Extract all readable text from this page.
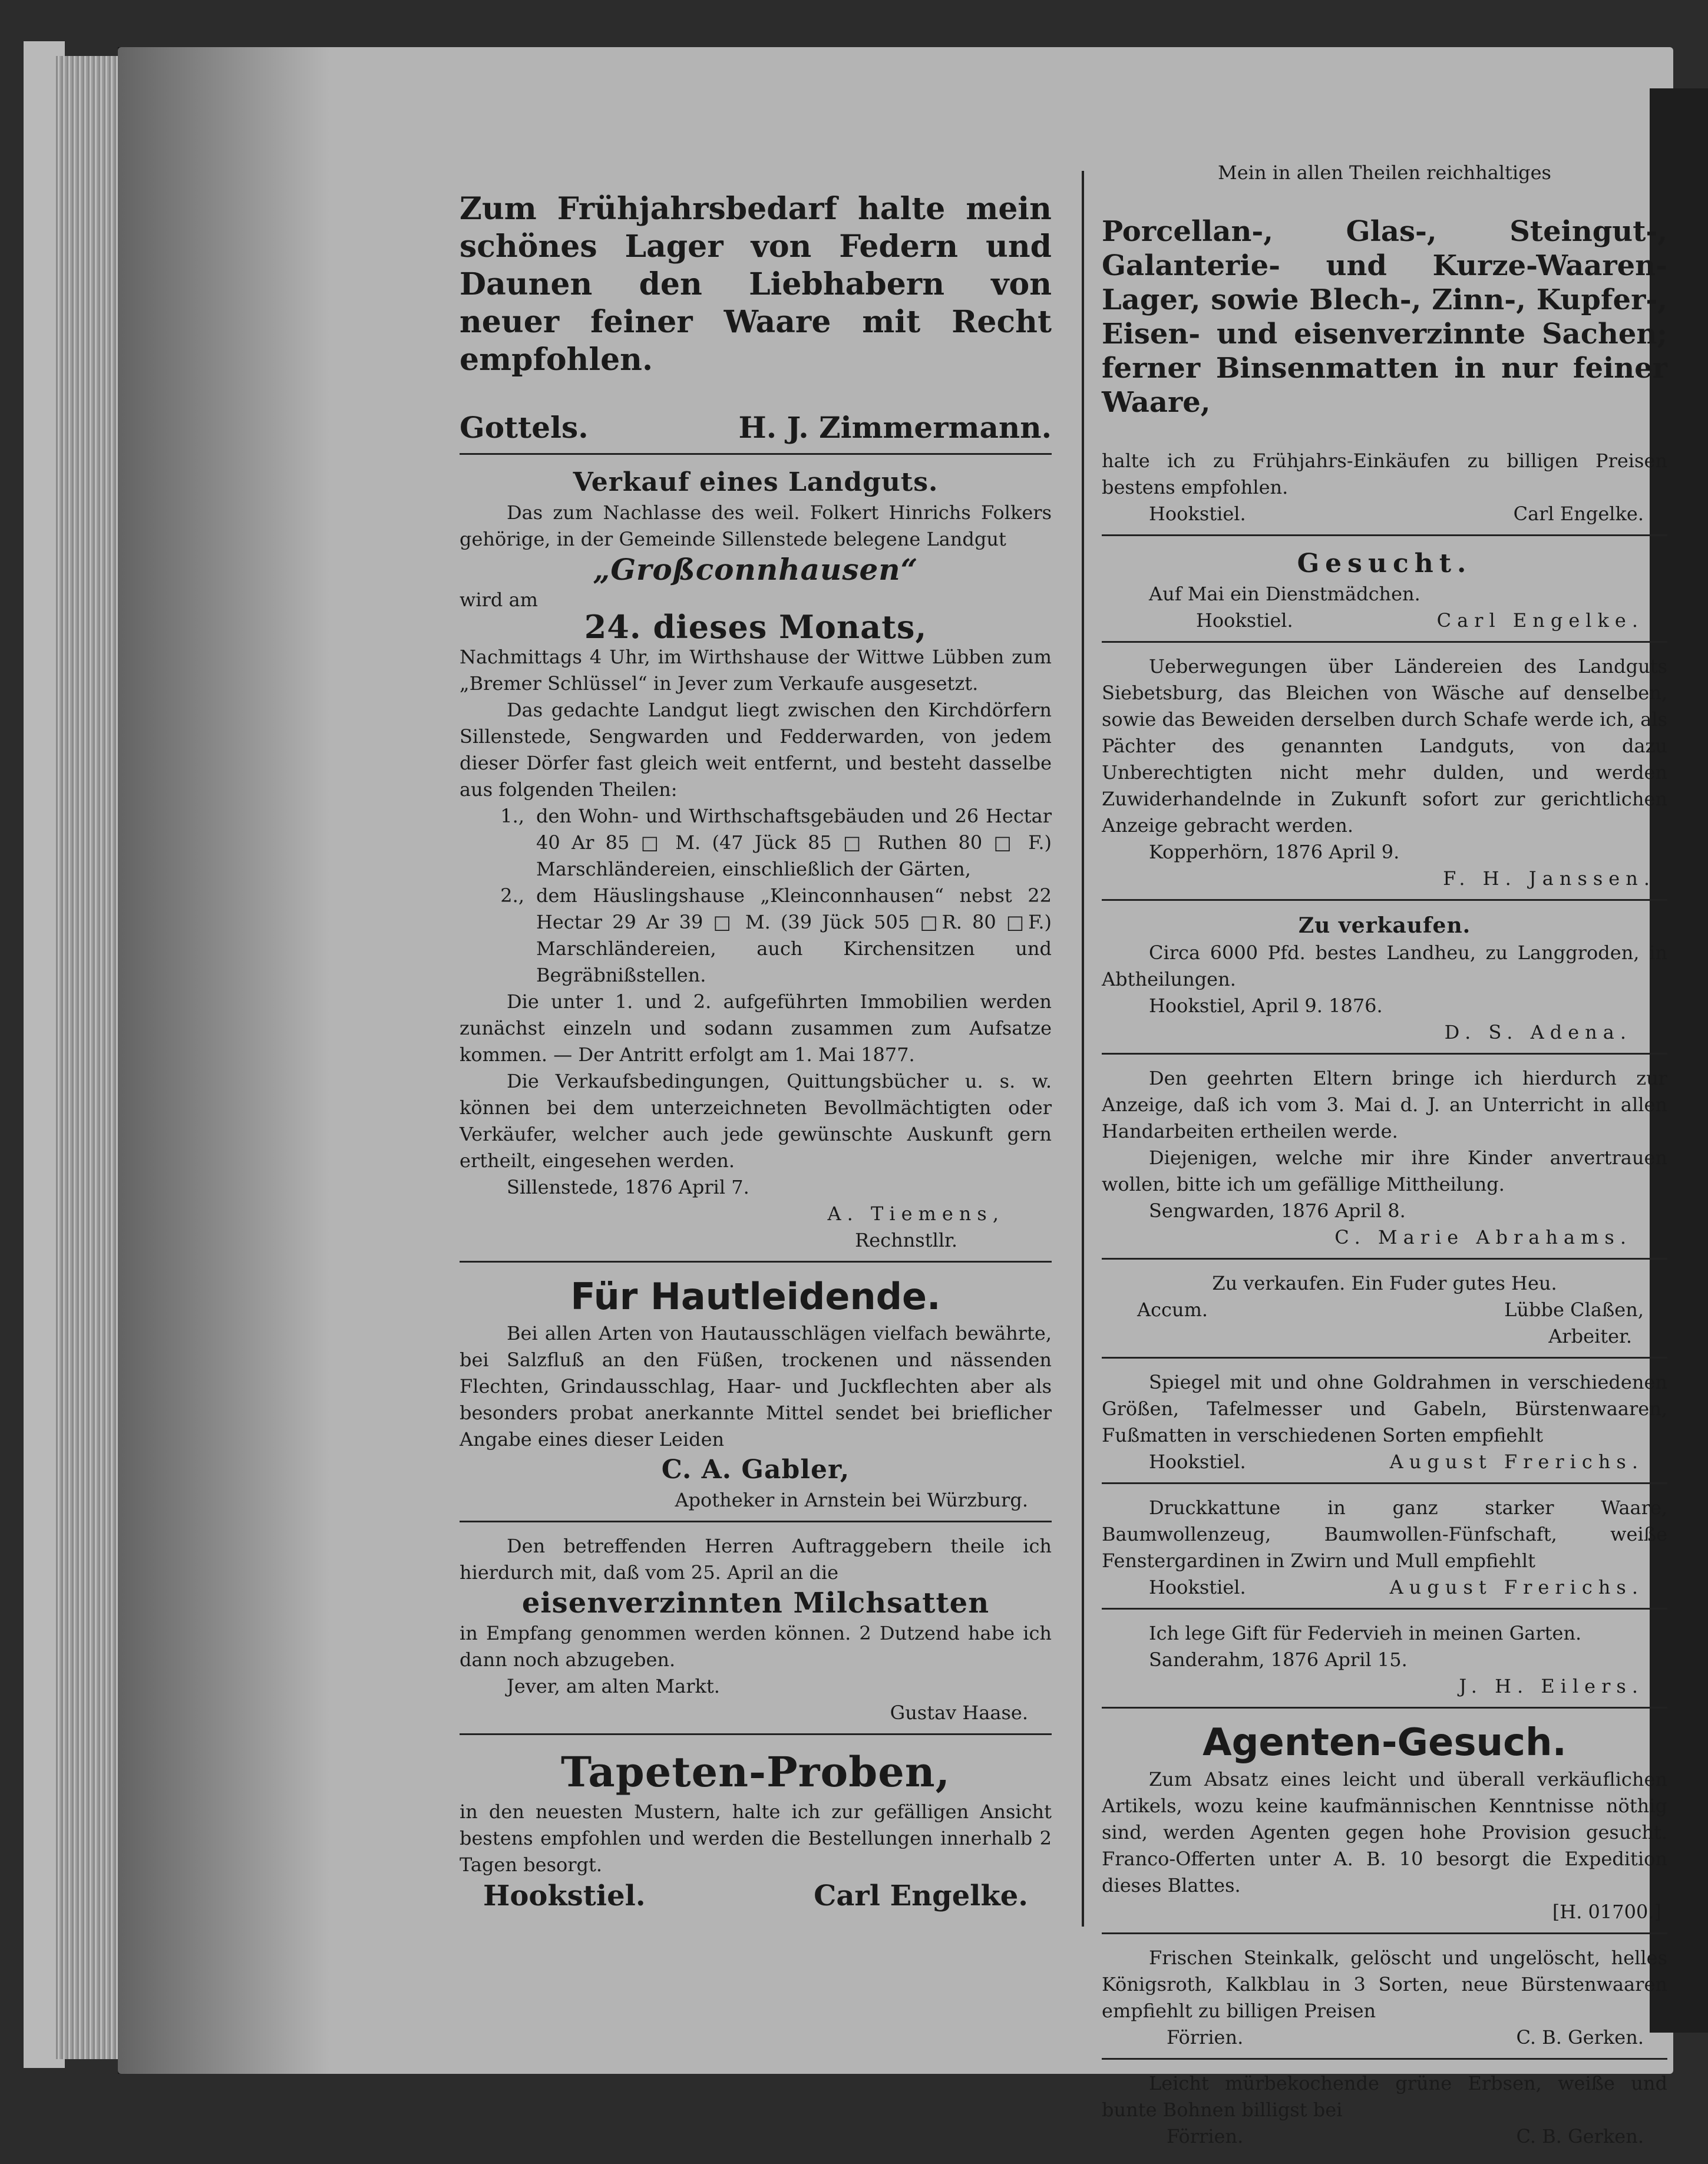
Zum Frühjahrsbedarf halte mein schönes Lager von Federn und Daunen den Liebhabern von neuer feiner Waare mit Recht empfohlen.

Gottels.	H. J. Zimmermann.
Verkauf eines Landguts.

Das zum Nachlasse des weil. Folkert Hinrichs Folkers gehörige, in der Gemeinde Sillenstede belegene Landgut

„Großconnhausen“

wird am

24. dieses Monats,

Nachmittags 4 Uhr, im Wirthshause der Wittwe Lübben zum „Bremer Schlüssel“ in Jever zum Verkaufe ausgesetzt.

Das gedachte Landgut liegt zwischen den Kirchdörfern Sillenstede, Sengwarden und Fedderwarden, von jedem dieser Dörfer fast gleich weit entfernt, und besteht dasselbe aus folgenden Theilen:

1., den Wohn- und Wirthschaftsgebäuden und 26 Hectar 40 Ar 85 □ M. (47 Jück 85 □ Ruthen 80 □ F.) Marschländereien, einschließlich der Gärten,
2., dem Häuslingshause „Kleinconnhausen“ nebst 22 Hectar 29 Ar 39 □ M. (39 Jück 505 □R. 80 □F.) Marschländereien, auch Kirchensitzen und Begräbnißstellen.

Die unter 1. und 2. aufgeführten Immobilien werden zunächst einzeln und sodann zusammen zum Aufsatze kommen. — Der Antritt erfolgt am 1. Mai 1877.

Die Verkaufsbedingungen, Quittungsbücher u. s. w. können bei dem unterzeichneten Bevollmächtigten oder Verkäufer, welcher auch jede gewünschte Auskunft gern ertheilt, eingesehen werden.

Sillenstede, 1876 April 7.

A. Tiemens,

Rechnstllr.

Für Hautleidende.

Bei allen Arten von Hautausschlägen vielfach bewährte, bei Salzfluß an den Füßen, trockenen und nässenden Flechten, Grindausschlag, Haar- und Juckflechten aber als besonders probat anerkannte Mittel sendet bei brieflicher Angabe eines dieser Leiden

C. A. Gabler,

Apotheker in Arnstein bei Würzburg.

Den betreffenden Herren Auftraggebern theile ich hierdurch mit, daß vom 25. April an die

eisenverzinnten Milchsatten

in Empfang genommen werden können. 2 Dutzend habe ich dann noch abzugeben.

Jever, am alten Markt.

Gustav Haase.

Tapeten-Proben,

in den neuesten Mustern, halte ich zur gefälligen Ansicht bestens empfohlen und werden die Bestellungen innerhalb 2 Tagen besorgt.

Hookstiel.	Carl Engelke.

Mein in allen Theilen reichhaltiges

Porcellan-, Glas-, Steingut-, Galanterie- und Kurze-Waaren-Lager, sowie Blech-, Zinn-, Kupfer-, Eisen- und eisenverzinnte Sachen; ferner Binsenmatten in nur feiner Waare,

halte ich zu Frühjahrs-Einkäufen zu billigen Preisen bestens empfohlen.

Hookstiel.	Carl Engelke.
Gesucht.

Auf Mai ein Dienstmädchen.

Hookstiel.	Carl Engelke.

Ueberwegungen über Ländereien des Landguts Siebetsburg, das Bleichen von Wäsche auf denselben, sowie das Beweiden derselben durch Schafe werde ich, als Pächter des genannten Landguts, von dazu Unberechtigten nicht mehr dulden, und werden Zuwiderhandelnde in Zukunft sofort zur gerichtlichen Anzeige gebracht werden.

Kopperhörn, 1876 April 9.

F. H. Janssen.

Zu verkaufen.

Circa 6000 Pfd. bestes Landheu, zu Langgroden, in Abtheilungen.

Hookstiel, April 9. 1876.

D. S. Adena.

Den geehrten Eltern bringe ich hierdurch zur Anzeige, daß ich vom 3. Mai d. J. an Unterricht in allen Handarbeiten ertheilen werde.

Diejenigen, welche mir ihre Kinder anvertrauen wollen, bitte ich um gefällige Mittheilung.

Sengwarden, 1876 April 8.

C. Marie Abrahams.

Zu verkaufen. Ein Fuder gutes Heu.

Accum.	Lübbe Claßen,

Arbeiter.

Spiegel mit und ohne Goldrahmen in verschiedenen Größen, Tafelmesser und Gabeln, Bürstenwaaren, Fußmatten in verschiedenen Sorten empfiehlt

Hookstiel.	August Frerichs.

Druckkattune in ganz starker Waare, Baumwollenzeug, Baumwollen-Fünfschaft, weiße Fenstergardinen in Zwirn und Mull empfiehlt

Hookstiel.	August Frerichs.

Ich lege Gift für Federvieh in meinen Garten.

Sanderahm, 1876 April 15.

J. H. Eilers.

Agenten-Gesuch.

Zum Absatz eines leicht und überall verkäuflichen Artikels, wozu keine kaufmännischen Kenntnisse nöthig sind, werden Agenten gegen hohe Provision gesucht. Franco-Offerten unter A. B. 10 besorgt die Expedition dieses Blattes.

[H. 01700.]

Frischen Steinkalk, gelöscht und ungelöscht, helles Königsroth, Kalkblau in 3 Sorten, neue Bürstenwaaren empfiehlt zu billigen Preisen

Förrien.	C. B. Gerken.

Leicht mürbekochende grüne Erbsen, weiße und bunte Bohnen billigst bei

Förrien.	C. B. Gerken.
